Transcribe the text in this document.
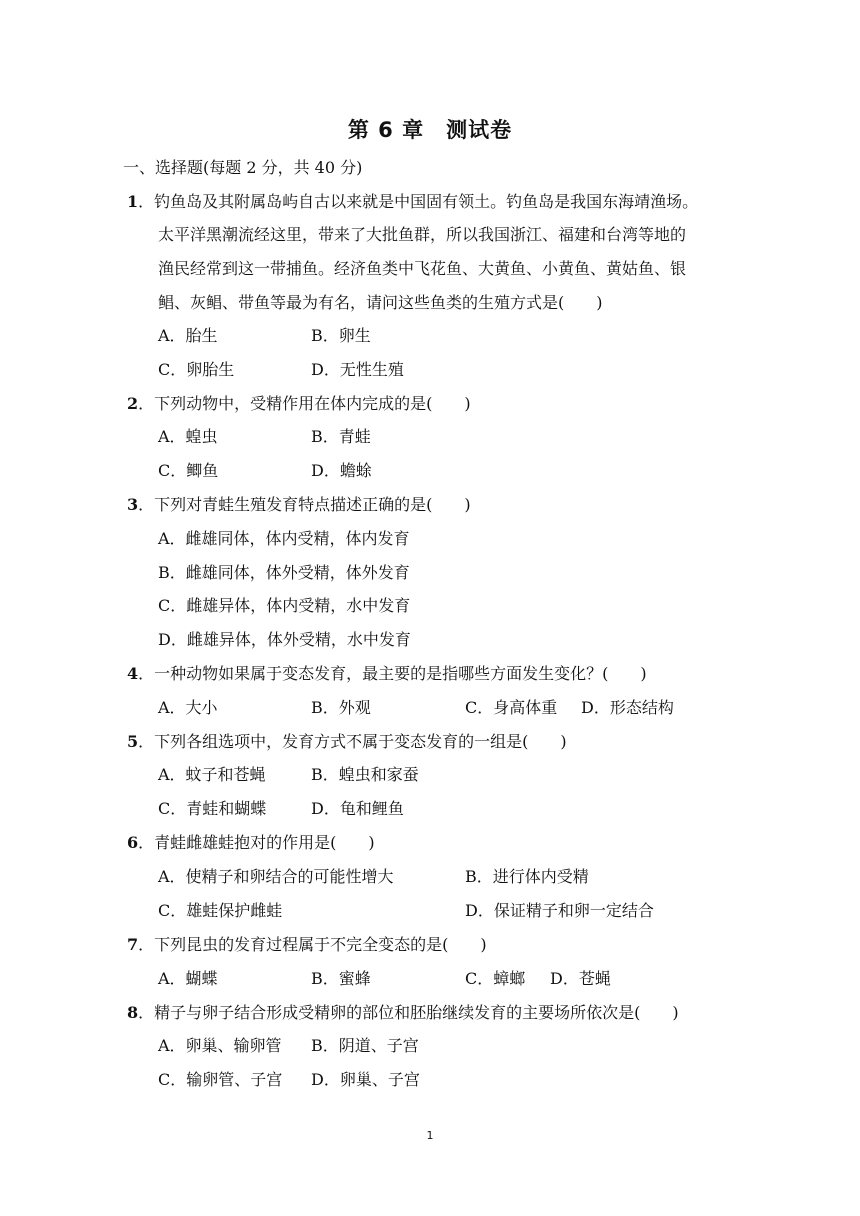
第 6 章　测试卷
一、选择题(每题 2 分，共 40 分)
1．钓鱼岛及其附属岛屿自古以来就是中国固有领土。钓鱼岛是我国东海靖渔场。
太平洋黑潮流经这里，带来了大批鱼群，所以我国浙江、福建和台湾等地的
渔民经常到这一带捕鱼。经济鱼类中飞花鱼、大黄鱼、小黄鱼、黄姑鱼、银
鲳、灰鲳、带鱼等最为有名，请问这些鱼类的生殖方式是(　　)
A．胎生	B．卵生
C．卵胎生	D．无性生殖
2．下列动物中，受精作用在体内完成的是(　　)
A．蝗虫	B．青蛙
C．鲫鱼	D．蟾蜍
3．下列对青蛙生殖发育特点描述正确的是(　　)
A．雌雄同体，体内受精，体内发育
B．雌雄同体，体外受精，体外发育
C．雌雄异体，体内受精，水中发育
D．雌雄异体，体外受精，水中发育
4．一种动物如果属于变态发育，最主要的是指哪些方面发生变化？(　　)
A．大小	B．外观	C．身高体重 D．形态结构
5．下列各组选项中，发育方式不属于变态发育的一组是(　　)
A．蚊子和苍蝇	B．蝗虫和家蚕
C．青蛙和蝴蝶	D．龟和鲤鱼
6．青蛙雌雄蛙抱对的作用是(　　)
A．使精子和卵结合的可能性增大	B．进行体内受精
C．雄蛙保护雌蛙	D．保证精子和卵一定结合
7．下列昆虫的发育过程属于不完全变态的是(　　)
A．蝴蝶	B．蜜蜂	C．蟑螂 D．苍蝇
8．精子与卵子结合形成受精卵的部位和胚胎继续发育的主要场所依次是(　　)
A．卵巢、输卵管 B．阴道、子宫
C．输卵管、子宫 D．卵巢、子宫
1
